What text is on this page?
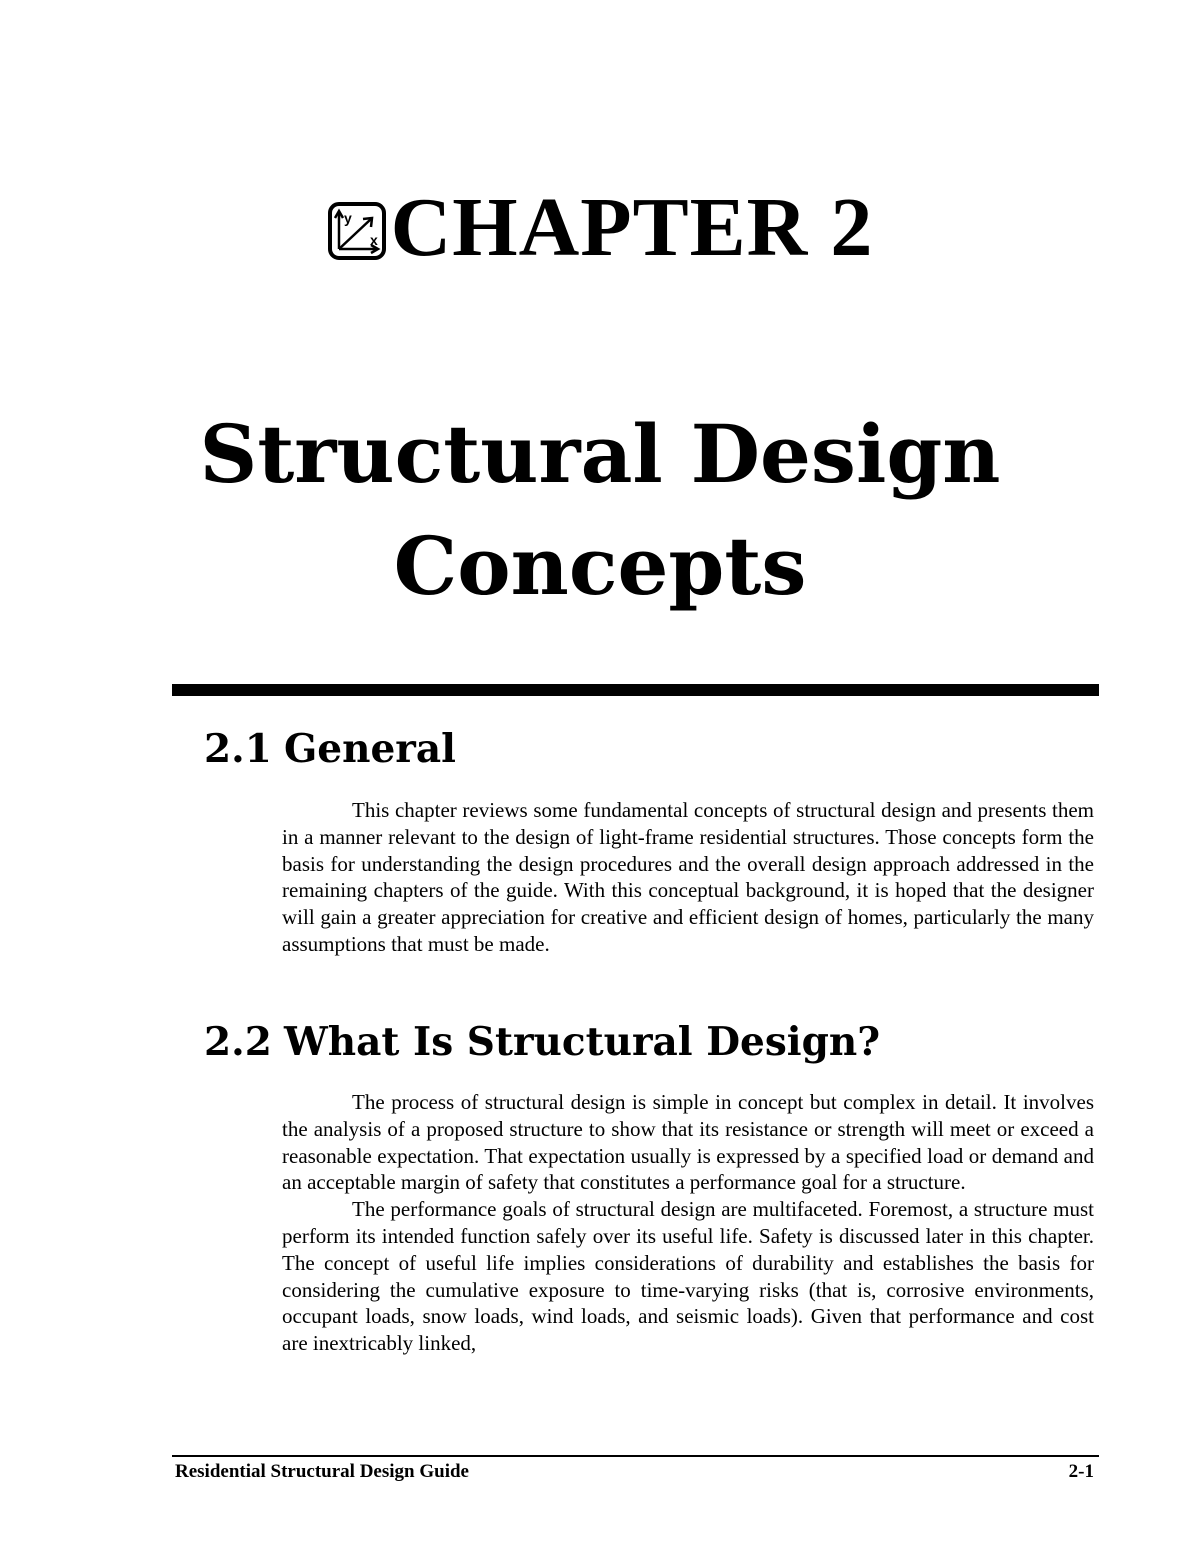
y
x CHAPTER 2
Structural Design
Concepts
2.1 General

This chapter reviews some fundamental concepts of structural design and presents them in a manner relevant to the design of light-frame residential structures. Those concepts form the basis for understanding the design procedures and the overall design approach addressed in the remaining chapters of the guide. With this conceptual background, it is hoped that the designer will gain a greater appreciation for creative and efficient design of homes, particularly the many assumptions that must be made.

2.2 What Is Structural Design?

The process of structural design is simple in concept but complex in detail. It involves the analysis of a proposed structure to show that its resistance or strength will meet or exceed a reasonable expectation. That expectation usually is expressed by a specified load or demand and an acceptable margin of safety that constitutes a performance goal for a structure.

The performance goals of structural design are multifaceted. Foremost, a structure must perform its intended function safely over its useful life. Safety is discussed later in this chapter. The concept of useful life implies considerations of durability and establishes the basis for considering the cumulative exposure to time-varying risks (that is, corrosive environments, occupant loads, snow loads, wind loads, and seismic loads). Given that performance and cost are inextricably linked,

Residential Structural Design Guide	2-1
